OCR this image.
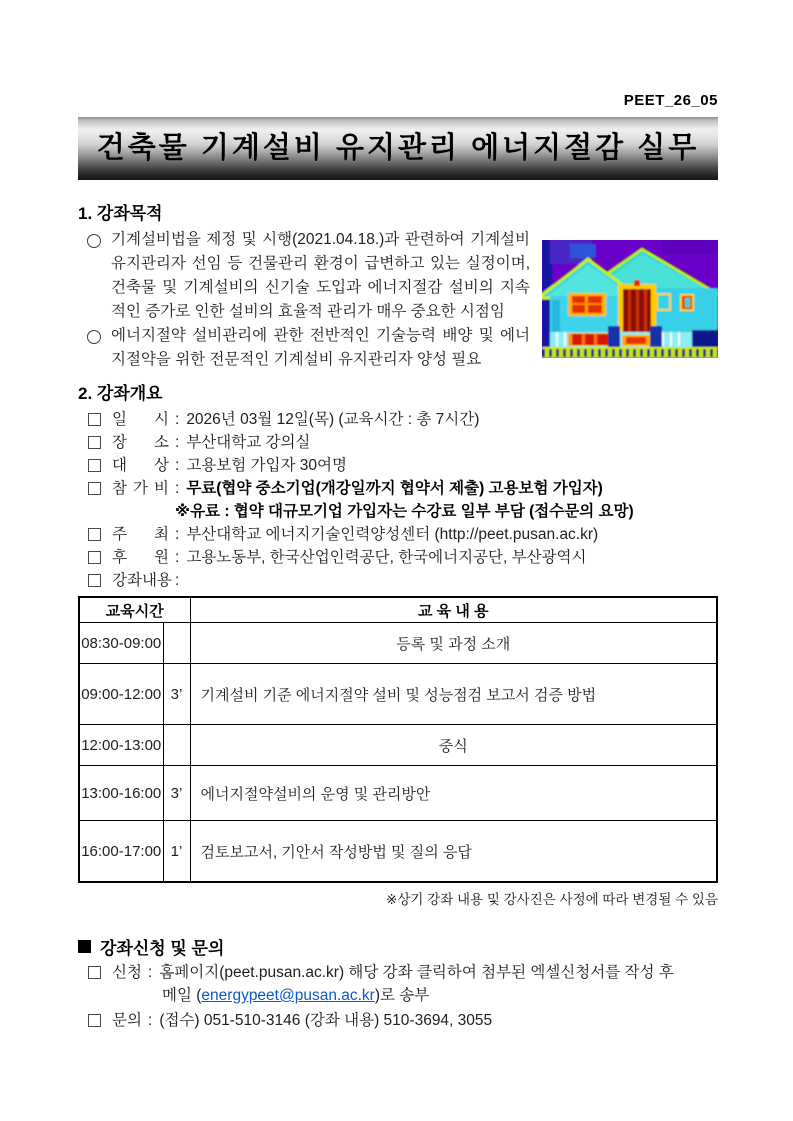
PEET_26_05
건축물 기계설비 유지관리 에너지절감 실무
1. 강좌목적

기계설비법을 제정 및 시행(2021.04.18.)과 관련하여 기계설비유지관리자 선임 등 건물관리 환경이 급변하고 있는 실정이며, 건축물 및 기계설비의 신기술 도입과 에너지절감 설비의 지속적인 증가로 인한 설비의 효율적 관리가 매우 중요한 시점임

에너지절약 설비관리에 관한 전반적인 기술능력 배양 및 에너지절약을 위한 전문적인 기계설비 유지관리자 양성 필요

2. 강좌개요
일 시 : 2026년 03월 12일(목) (교육시간 : 총 7시간)
장 소 : 부산대학교 강의실
대 상 : 고용보험 가입자 30여명
참 가 비 : 무료(협약 중소기업(개강일까지 협약서 제출) 고용보험 가입자)
※유료 : 협약 대규모기업 가입자는 수강료 일부 부담 (접수문의 요망)
주 최 : 부산대학교 에너지기술인력양성센터 (http://peet.pusan.ac.kr)
후 원 : 고용노동부, 한국산업인력공단, 한국에너지공단, 부산광역시
강좌내용 :
교육시간		교 육 내 용
08:30-09:00		등록 및 과정 소개
09:00-12:00	3’	기계설비 기준 에너지절약 설비 및 성능점검 보고서 검증 방법
12:00-13:00		중식
13:00-16:00	3’	에너지절약설비의 운영 및 관리방안
16:00-17:00	1’	검토보고서, 기안서 작성방법 및 질의 응답
※상기 강좌 내용 및 강사진은 사정에 따라 변경될 수 있음
강좌신청 및 문의
신청 : 홈페이지(peet.pusan.ac.kr) 해당 강좌 클릭하여 첨부된 엑셀신청서를 작성 후
메일 (energypeet@pusan.ac.kr)로 송부
문의 : (접수) 051-510-3146 (강좌 내용) 510-3694, 3055
